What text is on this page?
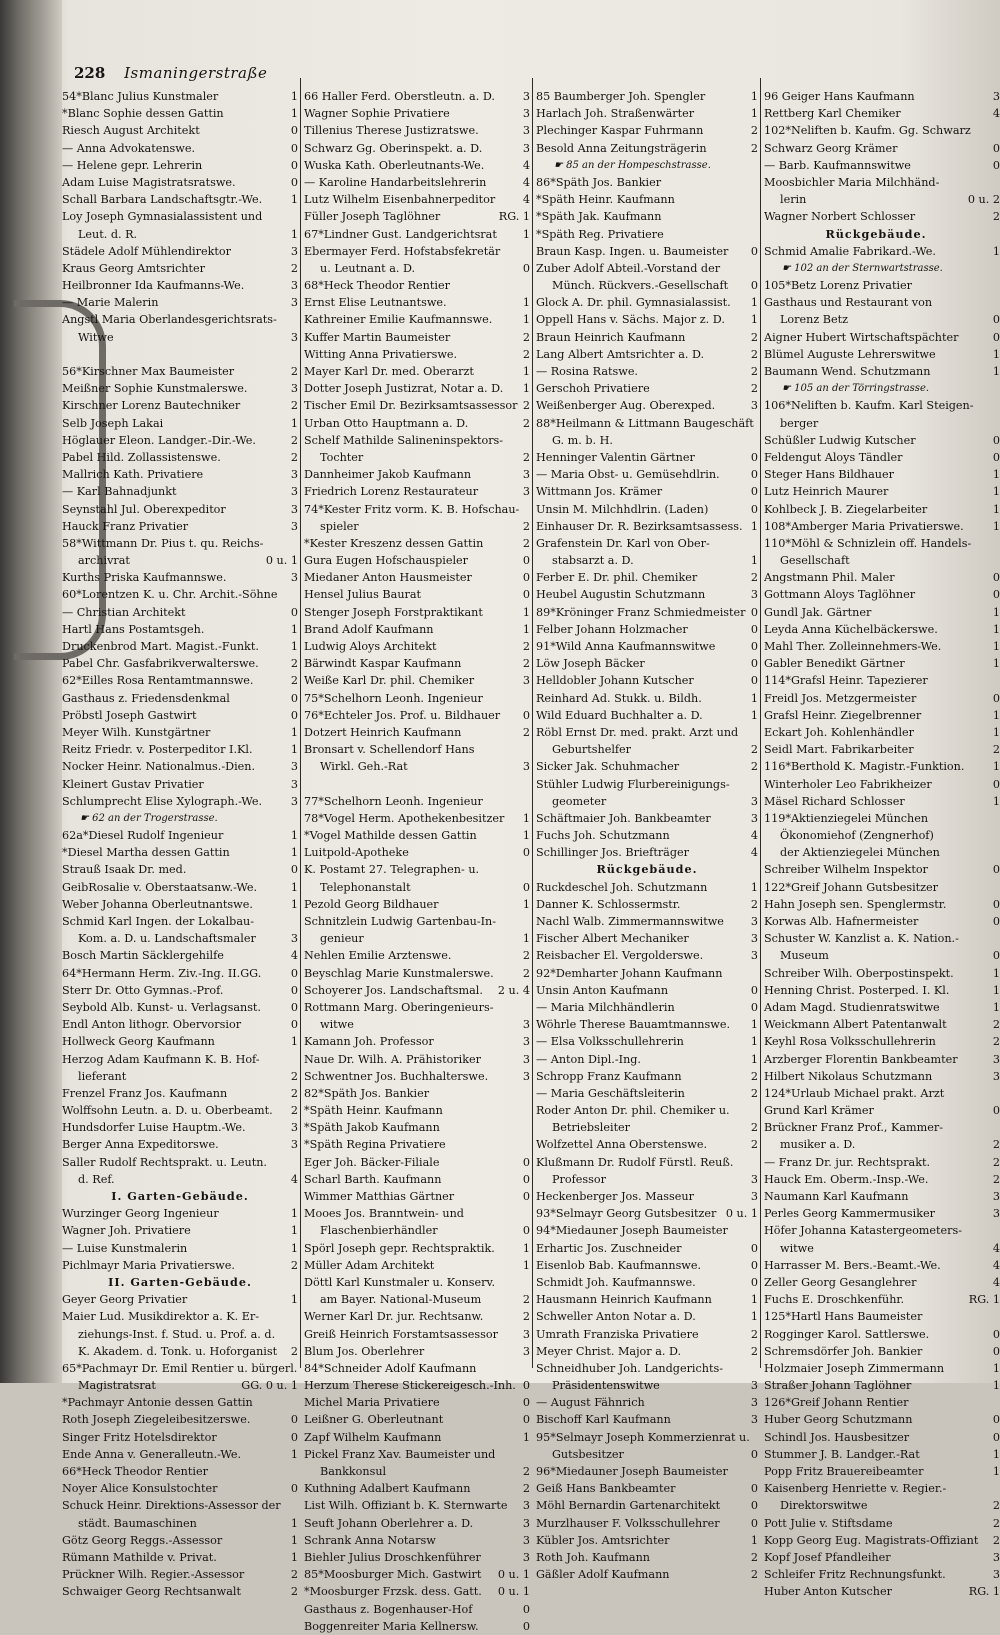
228 Ismaningerstraße
54*Blanc Julius Kunstmaler	1
*Blanc Sophie dessen Gattin	1
Riesch August Architekt	0
— Anna Advokatenswe.	0
— Helene gepr. Lehrerin	0
Adam Luise Magistratsratswe.	0
Schall Barbara Landschaftsgtr.-We.	1
Loy Joseph Gymnasialassistent und
Leut. d. R.	1
Städele Adolf Mühlendirektor	3
Kraus Georg Amtsrichter	2
Heilbronner Ida Kaufmanns-We.	3
— Marie Malerin	3
Angstl Maria Oberlandesgerichtsrats-
Witwe	3
56*Kirschner Max Baumeister	2
Meißner Sophie Kunstmalerswe.	3
Kirschner Lorenz Bautechniker	2
Selb Joseph Lakai	1
Höglauer Eleon. Landger.-Dir.-We.	2
Pabel Hild. Zollassistenswe.	2
Mallrich Kath. Privatiere	3
— Karl Bahnadjunkt	3
Seynstahl Jul. Oberexpeditor	3
Hauck Franz Privatier	3
58*Wittmann Dr. Pius t. qu. Reichs-
archivrat	0 u. 1
Kurths Priska Kaufmannswe.	3
60*Lorentzen K. u. Chr. Archit.-Söhne
— Christian Architekt	0
Hartl Hans Postamtsgeh.	1
Druckenbrod Mart. Magist.-Funkt.	1
Pabel Chr. Gasfabrikverwalterswe.	2
62*Eilles Rosa Rentamtmannswe.	2
Gasthaus z. Friedensdenkmal	0
Pröbstl Joseph Gastwirt	0
Meyer Wilh. Kunstgärtner	1
Reitz Friedr. v. Posterpeditor I.Kl.	1
Nocker Heinr. Nationalmus.-Dien.	3
Kleinert Gustav Privatier	3
Schlumprecht Elise Xylograph.-We.	3
☛ 62 an der Trogerstrasse.
62a*Diesel Rudolf Ingenieur	1
*Diesel Martha dessen Gattin	1
Strauß Isaak Dr. med.	0
GeibRosalie v. Oberstaatsanw.-We.	1
Weber Johanna Oberleutnantswe.	1
Schmid Karl Ingen. der Lokalbau-
Kom. a. D. u. Landschaftsmaler	3
Bosch Martin Säcklergehilfe	4
64*Hermann Herm. Ziv.-Ing. II.GG.	0
Sterr Dr. Otto Gymnas.-Prof.	0
Seybold Alb. Kunst- u. Verlagsanst.	0
Endl Anton lithogr. Obervorsior	0
Hollweck Georg Kaufmann	1
Herzog Adam Kaufmann K. B. Hof-
lieferant	2
Frenzel Franz Jos. Kaufmann	2
Wolffsohn Leutn. a. D. u. Oberbeamt.	2
Hundsdorfer Luise Hauptm.-We.	3
Berger Anna Expeditorswe.	3
Saller Rudolf Rechtsprakt. u. Leutn.
d. Ref.	4
I. Garten-Gebäude.
Wurzinger Georg Ingenieur	1
Wagner Joh. Privatiere	1
— Luise Kunstmalerin	1
Pichlmayr Maria Privatierswe.	2
II. Garten-Gebäude.
Geyer Georg Privatier	1
Maier Lud. Musikdirektor a. K. Er-
ziehungs-Inst. f. Stud. u. Prof. a. d.
K. Akadem. d. Tonk. u. Hoforganist	2
65*Pachmayr Dr. Emil Rentier u. bürgerl.
Magistratsrat	GG. 0 u. 1
*Pachmayr Antonie dessen Gattin
Roth Joseph Ziegeleibesitzerswe.	0
Singer Fritz Hotelsdirektor	0
Ende Anna v. Generalleutn.-We.	1
66*Heck Theodor Rentier
Noyer Alice Konsulstochter	0
Schuck Heinr. Direktions-Assessor der
städt. Baumaschinen	1
Götz Georg Reggs.-Assessor	1
Rümann Mathilde v. Privat.	1
Prückner Wilh. Regier.-Assessor	2
Schwaiger Georg Rechtsanwalt	2
66 Haller Ferd. Oberstleutn. a. D.	3
Wagner Sophie Privatiere	3
Tillenius Therese Justizratswe.	3
Schwarz Gg. Oberinspekt. a. D.	3
Wuska Kath. Oberleutnants-We.	4
— Karoline Handarbeitslehrerin	4
Lutz Wilhelm Eisenbahnerpeditor	4
Füller Joseph Taglöhner	RG. 1
67*Lindner Gust. Landgerichtsrat	1
Ebermayer Ferd. Hofstabsfekretär
u. Leutnant a. D.	0
68*Heck Theodor Rentier
Ernst Elise Leutnantswe.	1
Kathreiner Emilie Kaufmannswe.	1
Kuffer Martin Baumeister	2
Witting Anna Privatierswe.	2
Mayer Karl Dr. med. Oberarzt	1
Dotter Joseph Justizrat, Notar a. D.	1
Tischer Emil Dr. Bezirksamtsassessor 2
Urban Otto Hauptmann a. D.	2
Schelf Mathilde Salineninspektors-
Tochter	2
Dannheimer Jakob Kaufmann	3
Friedrich Lorenz Restaurateur	3
74*Kester Fritz vorm. K. B. Hofschau-
spieler	2
*Kester Kreszenz dessen Gattin	2
Gura Eugen Hofschauspieler	0
Miedaner Anton Hausmeister	0
Hensel Julius Baurat	0
Stenger Joseph Forstpraktikant	1
Brand Adolf Kaufmann	1
Ludwig Aloys Architekt	2
Bärwindt Kaspar Kaufmann	2
Weiße Karl Dr. phil. Chemiker	3
75*Schelhorn Leonh. Ingenieur
76*Echteler Jos. Prof. u. Bildhauer	0
Dotzert Heinrich Kaufmann	2
Bronsart v. Schellendorf Hans
Wirkl. Geh.-Rat	3
77*Schelhorn Leonh. Ingenieur
78*Vogel Herm. Apothekenbesitzer	1
*Vogel Mathilde dessen Gattin	1
Luitpold-Apotheke	0
K. Postamt 27. Telegraphen- u.
Telephonanstalt	0
Pezold Georg Bildhauer	1
Schnitzlein Ludwig Gartenbau-In-
genieur	1
Nehlen Emilie Arztenswe.	2
Beyschlag Marie Kunstmalerswe.	2
Schoyerer Jos. Landschaftsmal. 2 u. 4
Rottmann Marg. Oberingenieurs-
witwe	3
Kamann Joh. Professor	3
Naue Dr. Wilh. A. Prähistoriker	3
Schwentner Jos. Buchhalterswe.	3
82*Späth Jos. Bankier
*Späth Heinr. Kaufmann
*Späth Jakob Kaufmann
*Späth Regina Privatiere
Eger Joh. Bäcker-Filiale	0
Scharl Barth. Kaufmann	0
Wimmer Matthias Gärtner	0
Mooes Jos. Branntwein- und
Flaschenbierhändler	0
Spörl Joseph gepr. Rechtspraktik.	1
Müller Adam Architekt	1
Döttl Karl Kunstmaler u. Konserv.
am Bayer. National-Museum	2
Werner Karl Dr. jur. Rechtsanw.	2
Greiß Heinrich Forstamtsassessor	3
Blum Jos. Oberlehrer	3
84*Schneider Adolf Kaufmann
Herzum Therese Stickereigesch.-Inh. 0
Michel Maria Privatiere	0
Leißner G. Oberleutnant	0
Zapf Wilhelm Kaufmann	1
Pickel Franz Xav. Baumeister und
Bankkonsul	2
Kuthning Adalbert Kaufmann	2
List Wilh. Offiziant b. K. Sternwarte	3
Seuft Johann Oberlehrer a. D.	3
Schrank Anna Notarsw	3
Biehler Julius Droschkenführer	3
85*Moosburger Mich. Gastwirt 0 u. 1
*Moosburger Frzsk. dess. Gatt. 0 u. 1
Gasthaus z. Bogenhauser-Hof	0
Boggenreiter Maria Kellnersw.	0
85 Baumberger Joh. Spengler	1
Harlach Joh. Straßenwärter	1
Plechinger Kaspar Fuhrmann	2
Besold Anna Zeitungsträgerin	2
☛ 85 an der Hompeschstrasse.
86*Späth Jos. Bankier
*Späth Heinr. Kaufmann
*Späth Jak. Kaufmann
*Späth Reg. Privatiere
Braun Kasp. Ingen. u. Baumeister	0
Zuber Adolf Abteil.-Vorstand der
Münch. Rückvers.-Gesellschaft	0
Glock A. Dr. phil. Gymnasialassist.	1
Oppell Hans v. Sächs. Major z. D.	1
Braun Heinrich Kaufmann	2
Lang Albert Amtsrichter a. D.	2
— Rosina Ratswe.	2
Gerschoh Privatiere	2
Weißenberger Aug. Oberexped.	3
88*Heilmann & Littmann Baugeschäft
G. m. b. H.
Henninger Valentin Gärtner	0
— Maria Obst- u. Gemüsehdlrin.	0
Wittmann Jos. Krämer	0
Unsin M. Milchhdlrin. (Laden)	0
Einhauser Dr. R. Bezirksamtsassess. 1
Grafenstein Dr. Karl von Ober-
stabsarzt a. D.	1
Ferber E. Dr. phil. Chemiker	2
Heubel Augustin Schutzmann	3
89*Kröninger Franz Schmiedmeister 0
Felber Johann Holzmacher	0
91*Wild Anna Kaufmannswitwe	0
Löw Joseph Bäcker	0
Helldobler Johann Kutscher	0
Reinhard Ad. Stukk. u. Bildh.	1
Wild Eduard Buchhalter a. D.	1
Röbl Ernst Dr. med. prakt. Arzt und
Geburtshelfer	2
Sicker Jak. Schuhmacher	2
Stühler Ludwig Flurbereinigungs-
geometer	3
Schäftmaier Joh. Bankbeamter	3
Fuchs Joh. Schutzmann	4
Schillinger Jos. Briefträger	4
Rückgebäude.
Ruckdeschel Joh. Schutzmann	1
Danner K. Schlossermstr.	2
Nachl Walb. Zimmermannswitwe	3
Fischer Albert Mechaniker	3
Reisbacher El. Vergolderswe.	3
92*Demharter Johann Kaufmann
Unsin Anton Kaufmann	0
— Maria Milchhändlerin	0
Wöhrle Therese Bauamtmannswe.	1
— Elsa Volksschullehrerin	1
— Anton Dipl.-Ing.	1
Schropp Franz Kaufmann	2
— Maria Geschäftsleiterin	2
Roder Anton Dr. phil. Chemiker u.
Betriebsleiter	2
Wolfzettel Anna Oberstenswe.	2
Klußmann Dr. Rudolf Fürstl. Reuß.
Professor	3
Heckenberger Jos. Masseur	3
93*Selmayr Georg Gutsbesitzer 0 u. 1
94*Miedauner Joseph Baumeister
Erhartic Jos. Zuschneider	0
Eisenlob Bab. Kaufmannswe.	0
Schmidt Joh. Kaufmannswe.	0
Hausmann Heinrich Kaufmann	1
Schweller Anton Notar a. D.	1
Umrath Franziska Privatiere	2
Meyer Christ. Major a. D.	2
Schneidhuber Joh. Landgerichts-
Präsidentenswitwe	3
— August Fähnrich	3
Bischoff Karl Kaufmann	3
95*Selmayr Joseph Kommerzienrat u.
Gutsbesitzer	0
96*Miedauner Joseph Baumeister
Geiß Hans Bankbeamter	0
Möhl Bernardin Gartenarchitekt	0
Murzlhauser F. Volksschullehrer	0
Kübler Jos. Amtsrichter	1
Roth Joh. Kaufmann	2
Gäßler Adolf Kaufmann	2
96 Geiger Hans Kaufmann	3
Rettberg Karl Chemiker	4
102*Neliften b. Kaufm. Gg. Schwarz
Schwarz Georg Krämer	0
— Barb. Kaufmannswitwe	0
Moosbichler Maria Milchhänd-
lerin	0 u. 2
Wagner Norbert Schlosser	2
Rückgebäude.
Schmid Amalie Fabrikard.-We.	1
☛ 102 an der Sternwartstrasse.
105*Betz Lorenz Privatier
Gasthaus und Restaurant von
Lorenz Betz	0
Aigner Hubert Wirtschaftspächter	0
Blümel Auguste Lehrerswitwe	1
Baumann Wend. Schutzmann	1
☛ 105 an der Törringstrasse.
106*Neliften b. Kaufm. Karl Steigen-
berger
Schüßler Ludwig Kutscher	0
Feldengut Aloys Tändler	0
Steger Hans Bildhauer	1
Lutz Heinrich Maurer	1
Kohlbeck J. B. Ziegelarbeiter	1
108*Amberger Maria Privatierswe.	1
110*Möhl & Schnizlein off. Handels-
Gesellschaft
Angstmann Phil. Maler	0
Gottmann Aloys Taglöhner	0
Gundl Jak. Gärtner	1
Leyda Anna Küchelbäckerswe.	1
Mahl Ther. Zolleinnehmers-We.	1
Gabler Benedikt Gärtner	1
114*Grafsl Heinr. Tapezierer
Freidl Jos. Metzgermeister	0
Grafsl Heinr. Ziegelbrenner	1
Eckart Joh. Kohlenhändler	1
Seidl Mart. Fabrikarbeiter	2
116*Berthold K. Magistr.-Funktion.	1
Winterholer Leo Fabrikheizer	0
Mäsel Richard Schlosser	1
119*Aktienziegelei München
Ökonomiehof (Zengnerhof)
der Aktienziegelei München
Schreiber Wilhelm Inspektor	0
122*Greif Johann Gutsbesitzer
Hahn Joseph sen. Spenglermstr.	0
Korwas Alb. Hafnermeister	0
Schuster W. Kanzlist a. K. Nation.-
Museum	0
Schreiber Wilh. Oberpostinspekt.	1
Henning Christ. Posterped. I. Kl.	1
Adam Magd. Studienratswitwe	1
Weickmann Albert Patentanwalt	2
Keyhl Rosa Volksschullehrerin	2
Arzberger Florentin Bankbeamter	3
Hilbert Nikolaus Schutzmann	3
124*Urlaub Michael prakt. Arzt
Grund Karl Krämer	0
Brückner Franz Prof., Kammer-
musiker a. D.	2
— Franz Dr. jur. Rechtsprakt.	2
Hauck Em. Oberm.-Insp.-We.	2
Naumann Karl Kaufmann	3
Perles Georg Kammermusiker	3
Höfer Johanna Katastergeometers-
witwe	4
Harrasser M. Bers.-Beamt.-We.	4
Zeller Georg Gesanglehrer	4
Fuchs E. Droschkenführ.	RG. 1
125*Hartl Hans Baumeister
Rogginger Karol. Sattlerswe.	0
Schremsdörfer Joh. Bankier	0
Holzmaier Joseph Zimmermann	1
Straßer Johann Taglöhner	1
126*Greif Johann Rentier
Huber Georg Schutzmann	0
Schindl Jos. Hausbesitzer	0
Stummer J. B. Landger.-Rat	1
Popp Fritz Brauereibeamter	1
Kaisenberg Henriette v. Regier.-
Direktorswitwe	2
Pott Julie v. Stiftsdame	2
Kopp Georg Eug. Magistrats-Offiziant	2
Kopf Josef Pfandleiher	3
Schleifer Fritz Rechnungsfunkt.	3
Huber Anton Kutscher	RG. 1
